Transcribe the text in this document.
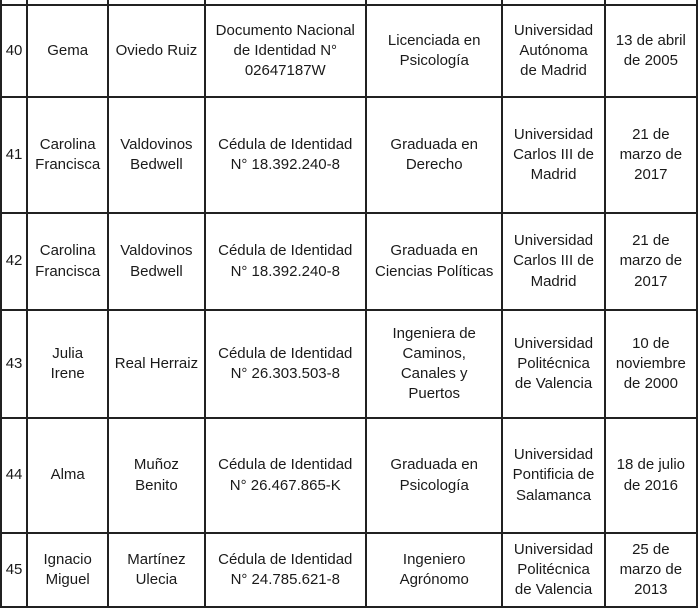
40	Gema	Oviedo Ruiz	Documento Nacional de Identidad N° 02647187W	Licenciada en Psicología	Universidad Autónoma de Madrid	13 de abril de 2005
41	Carolina Francisca	Valdovinos Bedwell	Cédula de Identidad N° 18.392.240-8	Graduada en Derecho	Universidad Carlos III de Madrid	21 de marzo de 2017
42	Carolina Francisca	Valdovinos Bedwell	Cédula de Identidad N° 18.392.240-8	Graduada en Ciencias Políticas	Universidad Carlos III de Madrid	21 de marzo de 2017
43	Julia Irene	Real Herraiz	Cédula de Identidad N° 26.303.503-8	Ingeniera de Caminos, Canales y Puertos	Universidad Politécnica de Valencia	10 de noviembre de 2000
44	Alma	Muñoz Benito	Cédula de Identidad N° 26.467.865-K	Graduada en Psicología	Universidad Pontificia de Salamanca	18 de julio de 2016
45	Ignacio Miguel	Martínez Ulecia	Cédula de Identidad N° 24.785.621-8	Ingeniero Agrónomo	Universidad Politécnica de Valencia	25 de marzo de 2013
